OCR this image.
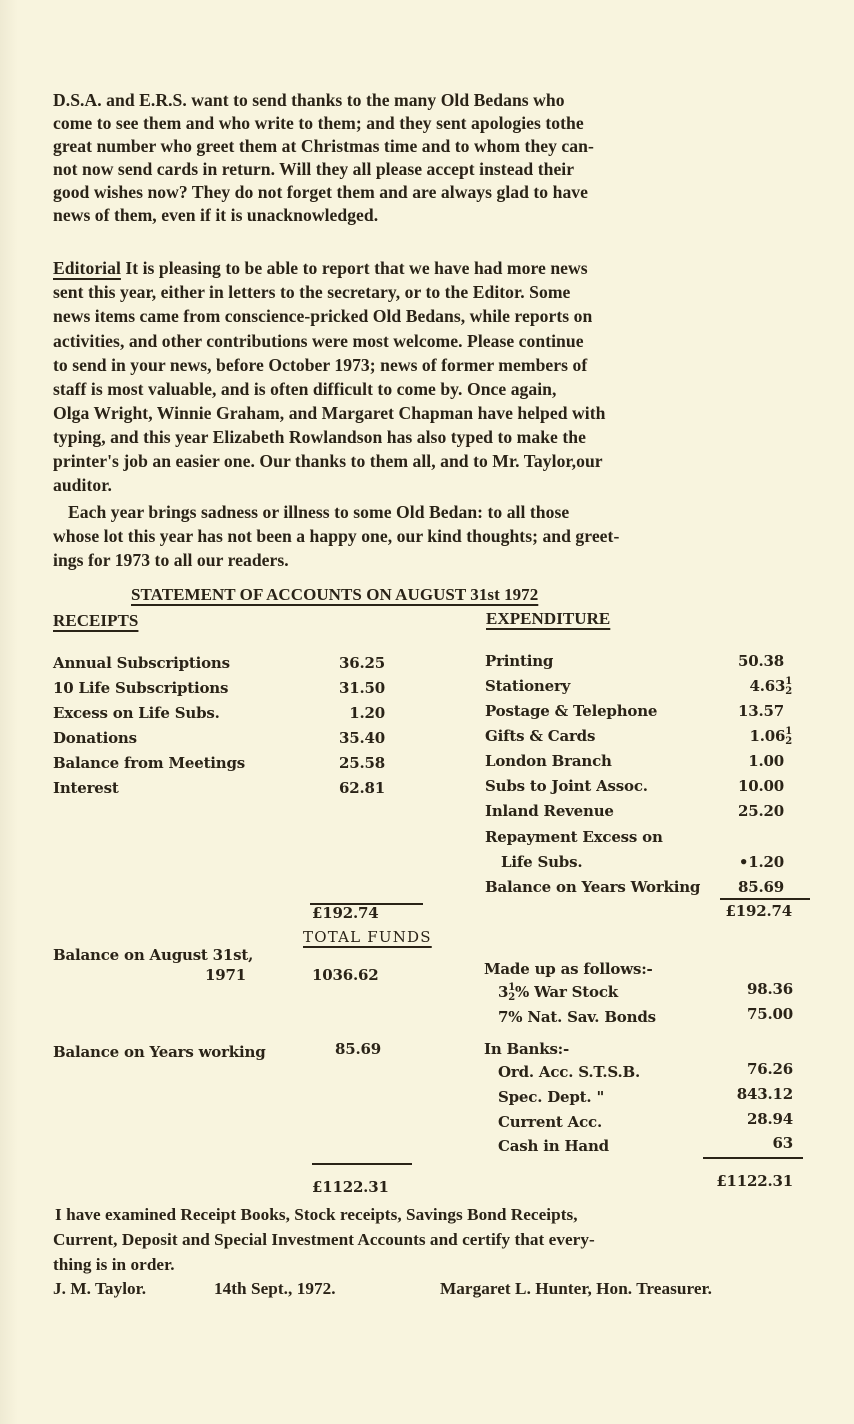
D.S.A. and E.R.S. want to send thanks to the many Old Bedans who
come to see them and who write to them; and they sent apologies tothe
great number who greet them at Christmas time and to whom they can-
not now send cards in return. Will they all please accept instead their
good wishes now? They do not forget them and are always glad to have
news of them, even if it is unacknowledged.
Editorial It is pleasing to be able to report that we have had more news
sent this year, either in letters to the secretary, or to the Editor. Some
news items came from conscience-pricked Old Bedans, while reports on
activities, and other contributions were most welcome. Please continue
to send in your news, before October 1973; news of former members of
staff is most valuable, and is often difficult to come by. Once again,
Olga Wright, Winnie Graham, and Margaret Chapman have helped with
typing, and this year Elizabeth Rowlandson has also typed to make the
printer's job an easier one. Our thanks to them all, and to Mr. Taylor,our
auditor.
Each year brings sadness or illness to some Old Bedan: to all those
whose lot this year has not been a happy one, our kind thoughts; and greet-
ings for 1973 to all our readers.
STATEMENT OF ACCOUNTS ON AUGUST 31st 1972
RECEIPTS	EXPENDITURE
Annual Subscriptions	36.25
10 Life Subscriptions	31.50
Excess on Life Subs.	1.20
Donations	35.40
Balance from Meetings	25.58
Interest	62.81
£192.74
Printing	50.38
Stationery	4.63 1
2
Postage & Telephone	13.57
Gifts & Cards	1.06 1
2
London Branch	1.00
Subs to Joint Assoc.	10.00
Inland Revenue	25.20
Repayment Excess on
Life Subs.	•1.20
Balance on Years Working	85.69
£192.74
TOTAL FUNDS
Balance on August 31st,
1971	1036.62
Balance on Years working	85.69
£1122.31
Made up as follows:-
3 1
2 % War Stock	98.36
7% Nat. Sav. Bonds	75.00
In Banks:-
Ord. Acc. S.T.S.B.	76.26
Spec. Dept. "	843.12
Current Acc.	28.94
Cash in Hand	63
£1122.31
I have examined Receipt Books, Stock receipts, Savings Bond Receipts,
Current, Deposit and Special Investment Accounts and certify that every-
thing is in order.
J. M. Taylor.	14th Sept., 1972.	Margaret L. Hunter, Hon. Treasurer.
